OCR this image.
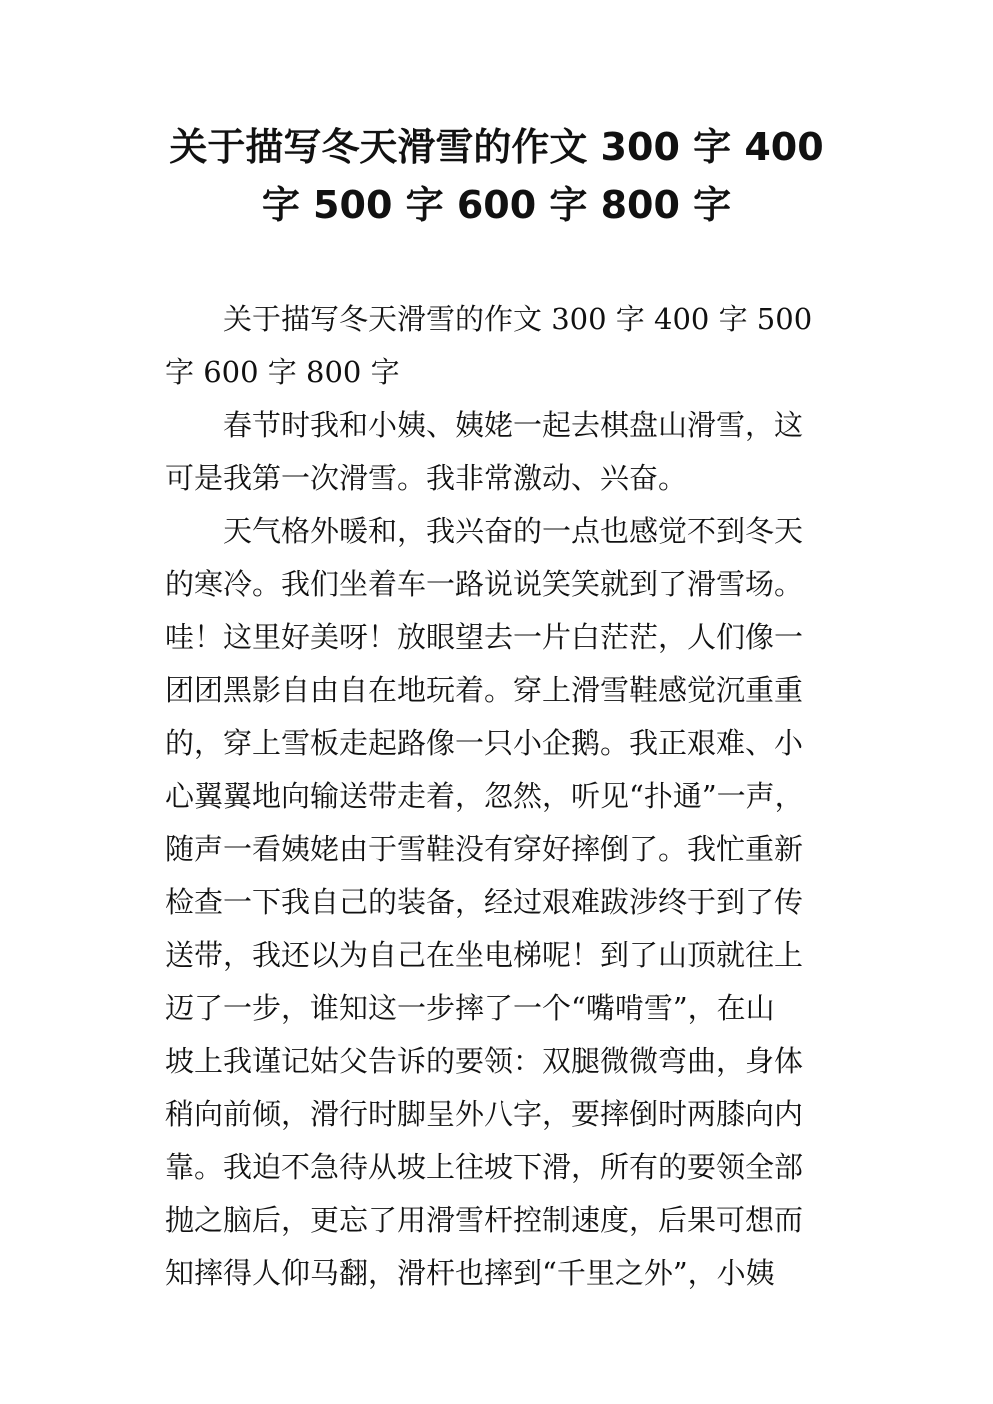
关于描写冬天滑雪的作文 300 字 400
字 500 字 600 字 800 字
关于描写冬天滑雪的作文 300 字 400 字 500
字 600 字 800 字
春节时我和小姨、姨姥一起去棋盘山滑雪，这
可是我第一次滑雪。我非常激动、兴奋。
天气格外暖和，我兴奋的一点也感觉不到冬天
的寒冷。我们坐着车一路说说笑笑就到了滑雪场。
哇！这里好美呀！放眼望去一片白茫茫，人们像一
团团黑影自由自在地玩着。穿上滑雪鞋感觉沉重重
的，穿上雪板走起路像一只小企鹅。我正艰难、小
心翼翼地向输送带走着，忽然，听见“扑通”一声，
随声一看姨姥由于雪鞋没有穿好摔倒了。我忙重新
检查一下我自己的装备，经过艰难跋涉终于到了传
送带，我还以为自己在坐电梯呢！到了山顶就往上
迈了一步，谁知这一步摔了一个“嘴啃雪”，在山
坡上我谨记姑父告诉的要领：双腿微微弯曲，身体
稍向前倾，滑行时脚呈外八字，要摔倒时两膝向内
靠。我迫不急待从坡上往坡下滑，所有的要领全部
抛之脑后，更忘了用滑雪杆控制速度，后果可想而
知摔得人仰马翻，滑杆也摔到“千里之外”，小姨
